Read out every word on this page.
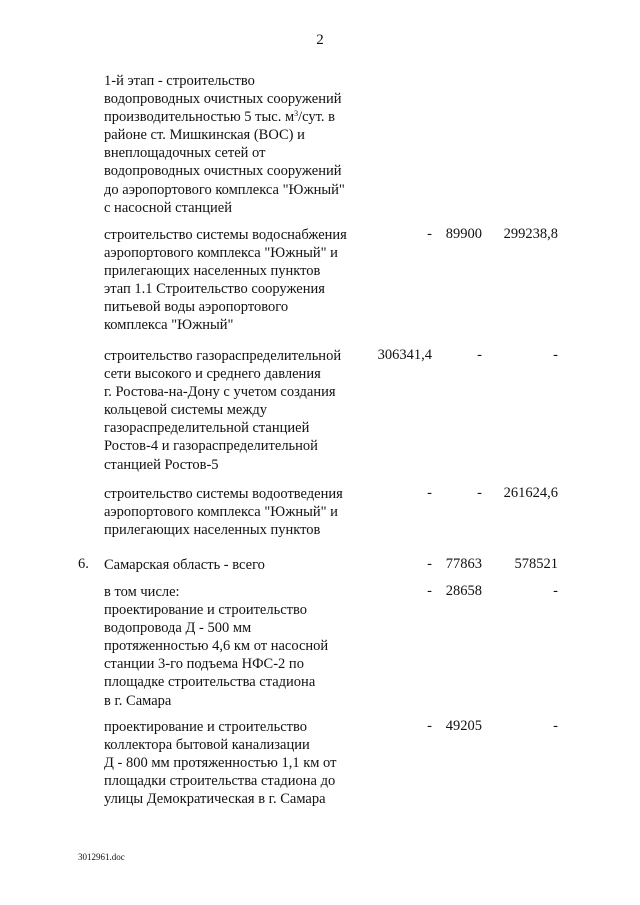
2
1-й этап - строительство
водопроводных очистных сооружений
производительностью 5 тыс. $м^3$/сут. в
районе ст. Мишкинская (ВОС) и
внеплощадочных сетей от
водопроводных очистных сооружений
до аэропортового комплекса "Южный"
с насосной станцией
строительство системы водоснабжения
аэропортового комплекса "Южный" и
прилегающих населенных пунктов
этап 1.1 Строительство сооружения
питьевой воды аэропортового
комплекса "Южный"
- 89900 299238,8
строительство газораспределительной
сети высокого и среднего давления
г. Ростова-на-Дону с учетом создания
кольцевой системы между
газораспределительной станцией
Ростов-4 и газораспределительной
станцией Ростов-5
306341,4	-	-
строительство системы водоотведения
аэропортового комплекса "Южный" и
прилегающих населенных пунктов
-	- 261624,6
6. Самарская область - всего	- 77863 578521
в том числе:
проектирование и строительство
водопровода Д - 500 мм
протяженностью 4,6 км от насосной
станции 3-го подъема НФС-2 по
площадке строительства стадиона
в г. Самара
- 28658	-
проектирование и строительство
коллектора бытовой канализации
Д - 800 мм протяженностью 1,1 км от
площадки строительства стадиона до
улицы Демократическая в г. Самара
- 49205	-
3012961.doc
